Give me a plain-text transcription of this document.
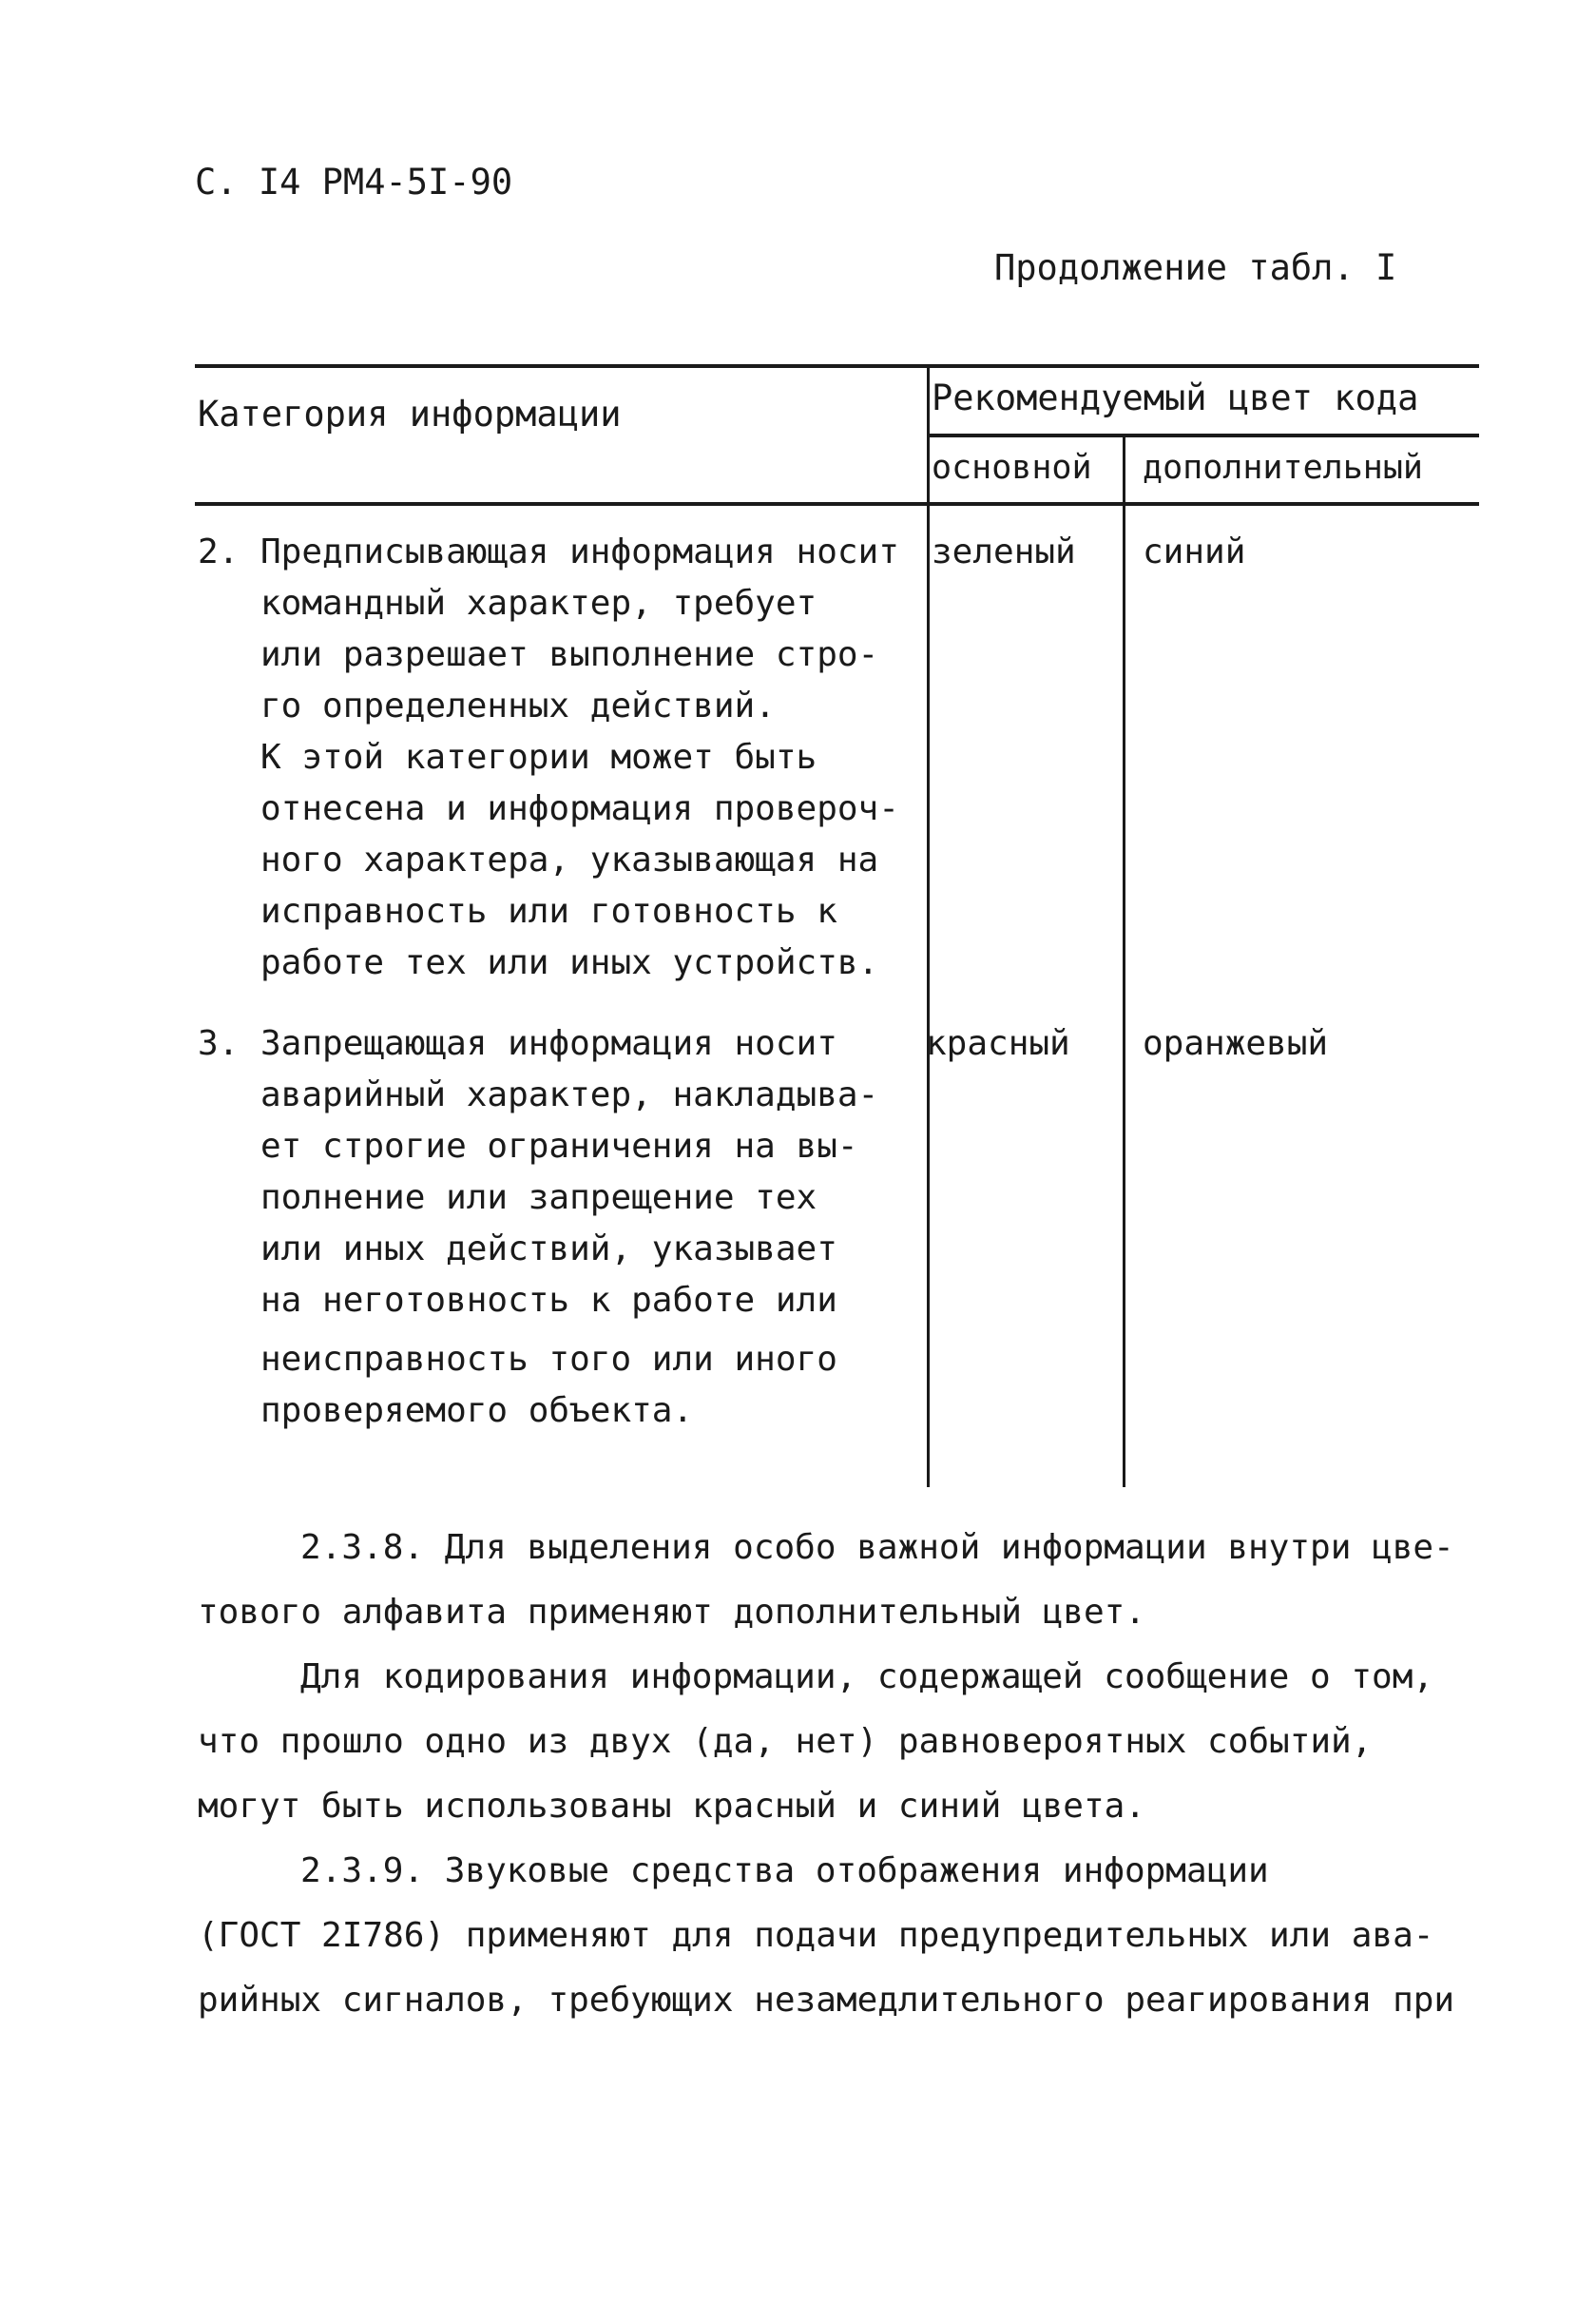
С. I4 РМ4-5I-90
Продолжение табл. I
Категория информации	Рекомендуемый цвет кода
основной дополнительный
2. Предписывающая информация носит
командный характер, требует
или разрешает выполнение стро-
го определенных действий.
К этой категории может быть
отнесена и информация провероч-
ного характера, указывающая на
исправность или готовность к
работе тех или иных устройств.
зеленый синий
3. Запрещающая информация носит
аварийный характер, накладыва-
ет строгие ограничения на вы-
полнение или запрещение тех
или иных действий, указывает
на неготовность к работе или
неисправность того или иного
проверяемого объекта.
красный оранжевый
2.3.8. Для выделения особо важной информации внутри цве-
тового алфавита применяют дополнительный цвет.
Для кодирования информации, содержащей сообщение о том,
что прошло одно из двух (да, нет) равновероятных событий,
могут быть использованы красный и синий цвета.
2.3.9. Звуковые средства отображения информации
(ГОСТ 2I786) применяют для подачи предупредительных или ава-
рийных сигналов, требующих незамедлительного реагирования при
